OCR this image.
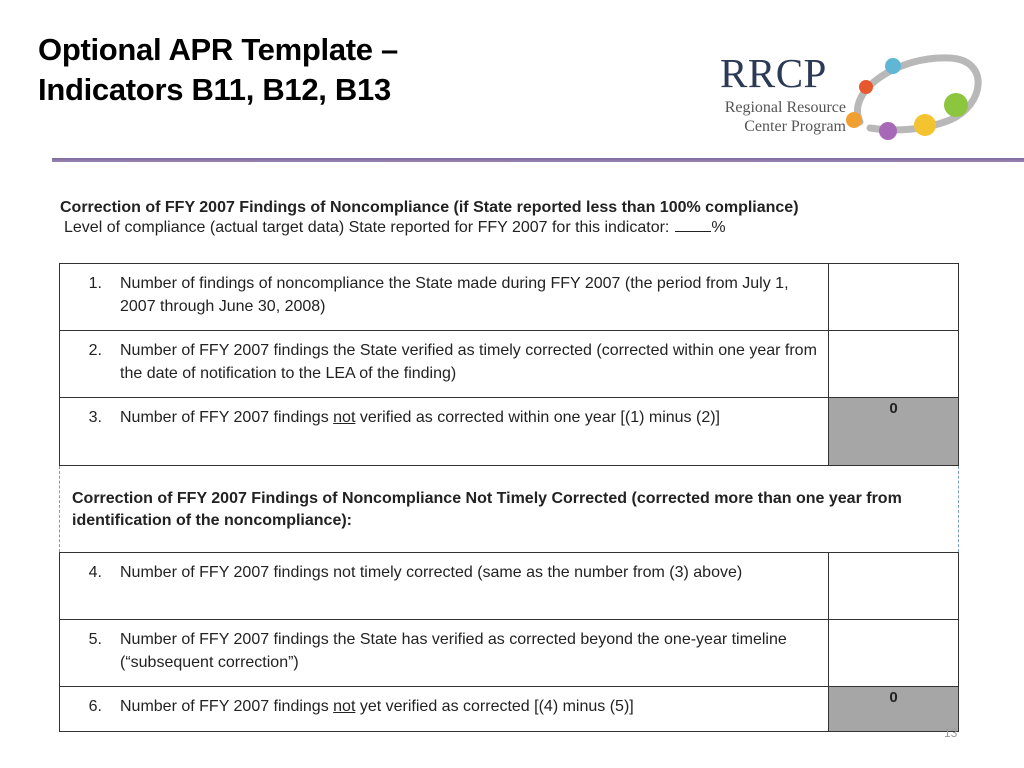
Optional APR Template –
Indicators B11, B12, B13	RRCP
Regional Resource
Center Program
Correction of FFY 2007 Findings of Noncompliance (if State reported less than 100% compliance)
Level of compliance (actual target data) State reported for FFY 2007 for this indicator:	%
1. Number of findings of noncompliance the State made during FFY 2007 (the period from July 1, 2007 through June 30, 2008)	

2. Number of FFY 2007 findings the State verified as timely corrected (corrected within one year from the date of notification to the LEA of the finding)	

3. Number of FFY 2007 findings not verified as corrected within one year [(1) minus (2)]	0
Correction of FFY 2007 Findings of Noncompliance Not Timely Corrected (corrected more than one year from identification of the noncompliance):	

4. Number of FFY 2007 findings not timely corrected (same as the number from (3) above)	

5. Number of FFY 2007 findings the State has verified as corrected beyond the one-year timeline (“subsequent correction”)	

6. Number of FFY 2007 findings not yet verified as corrected [(4) minus (5)]	0
13
